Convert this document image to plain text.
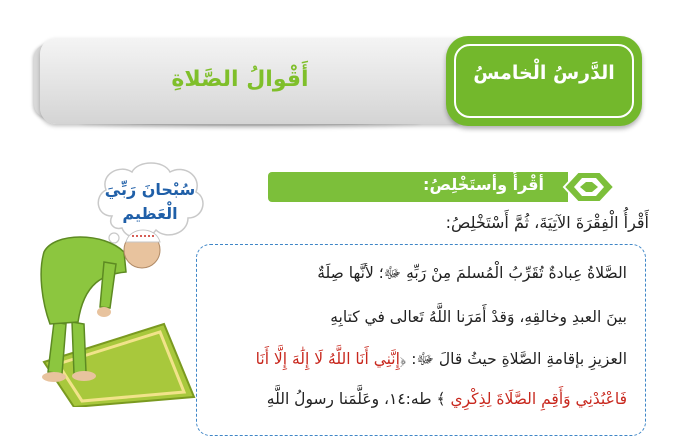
أَقْوالُ الصَّلاةِ	الدَّرسُ الْخامسُ
أقْرأُ وأستَخْلِصُ:
أَقْرأُ الْفِقْرَةَ الآتِيَةَ، ثُمَّ أَسْتَخْلِصُ:
الصَّلاةُ عِبادةٌ تُقَرِّبُ الْمُسلمَ مِنْ رَبِّهِ ﷻ؛ لأنَّها صِلَةٌ
بينَ العبدِ وخالقِهِ، وَقدْ أَمَرَنا اللَّهُ تَعالى في كتابِهِ
العزيزِ بإقامةِ الصَّلاةِ حيثُ قالَ ﷻ: ﴿إِنَّنِي أَنَا اللَّهُ لَا إِلَٰهَ إِلَّا أَنَا
فَاعْبُدْنِي وَأَقِمِ الصَّلَاةَ لِذِكْرِي ﴾ طه:١٤، وعَلَّمَنا رسولُ اللَّهِ
سُبْحانَ رَبِّيَ
الْعَظيم
